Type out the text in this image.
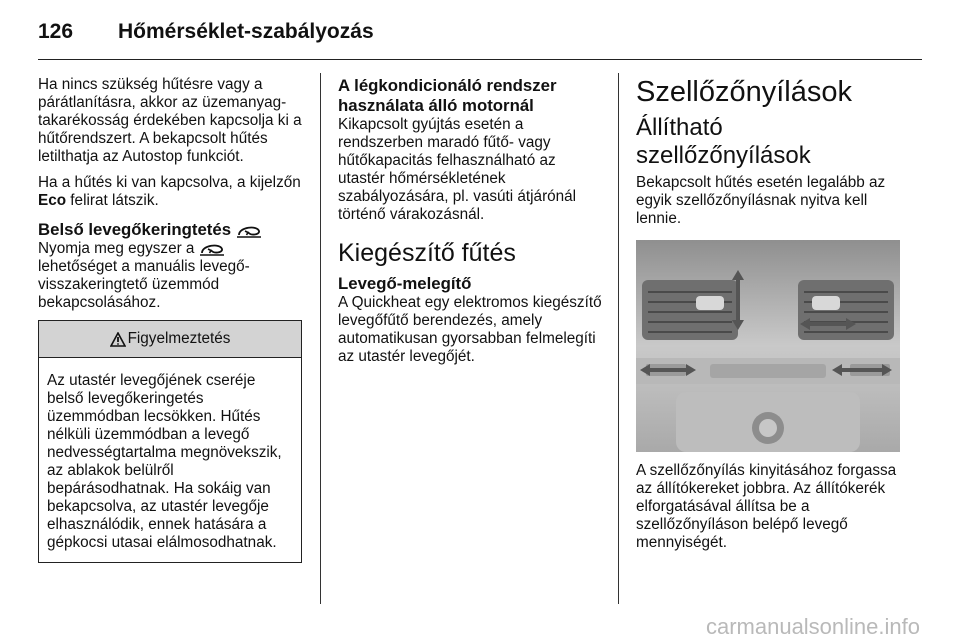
126	Hőmérséklet-szabályozás

Ha nincs szükség hűtésre vagy a párátlanításra, akkor az üzemanyag-takarékosság érdekében kapcsolja ki a hűtőrendszert. A bekapcsolt hűtés letilthatja az Autostop funkciót.

Ha a hűtés ki van kapcsolva, a kijelzőn Eco felirat látszik.

Belső levegőkeringtetés

Nyomja meg egyszer a  lehetőséget a manuális levegő-visszakeringtető üzemmód bekapcsolásához.

Figyelmeztetés
Az utastér levegőjének cseréje belső levegőkeringetés üzemmódban lecsökken. Hűtés nélküli üzemmódban a levegő nedvességtartalma megnövekszik, az ablakok belülről bepárásodhatnak. Ha sokáig van bekapcsolva, az utastér levegője elhasználódik, ennek hatására a gépkocsi utasai elálmosodhatnak.
A légkondicionáló rendszer használata álló motornál

Kikapcsolt gyújtás esetén a rendszerben maradó fűtő- vagy hűtőkapacitás felhasználható az utastér hőmérsékletének szabályozására, pl. vasúti átjárónál történő várakozásnál.

Kiegészítő fűtés
Levegő-melegítő

A Quickheat egy elektromos kiegészítő levegőfűtő berendezés, amely automatikusan gyorsabban felmelegíti az utastér levegőjét.

Szellőzőnyílások
Állítható szellőzőnyílások

Bekapcsolt hűtés esetén legalább az egyik szellőzőnyílásnak nyitva kell lennie.

A szellőzőnyílás kinyitásához forgassa az állítókereket jobbra. Az állítókerék elforgatásával állítsa be a szellőzőnyíláson belépő levegő mennyiségét.

carmanualsonline.info
